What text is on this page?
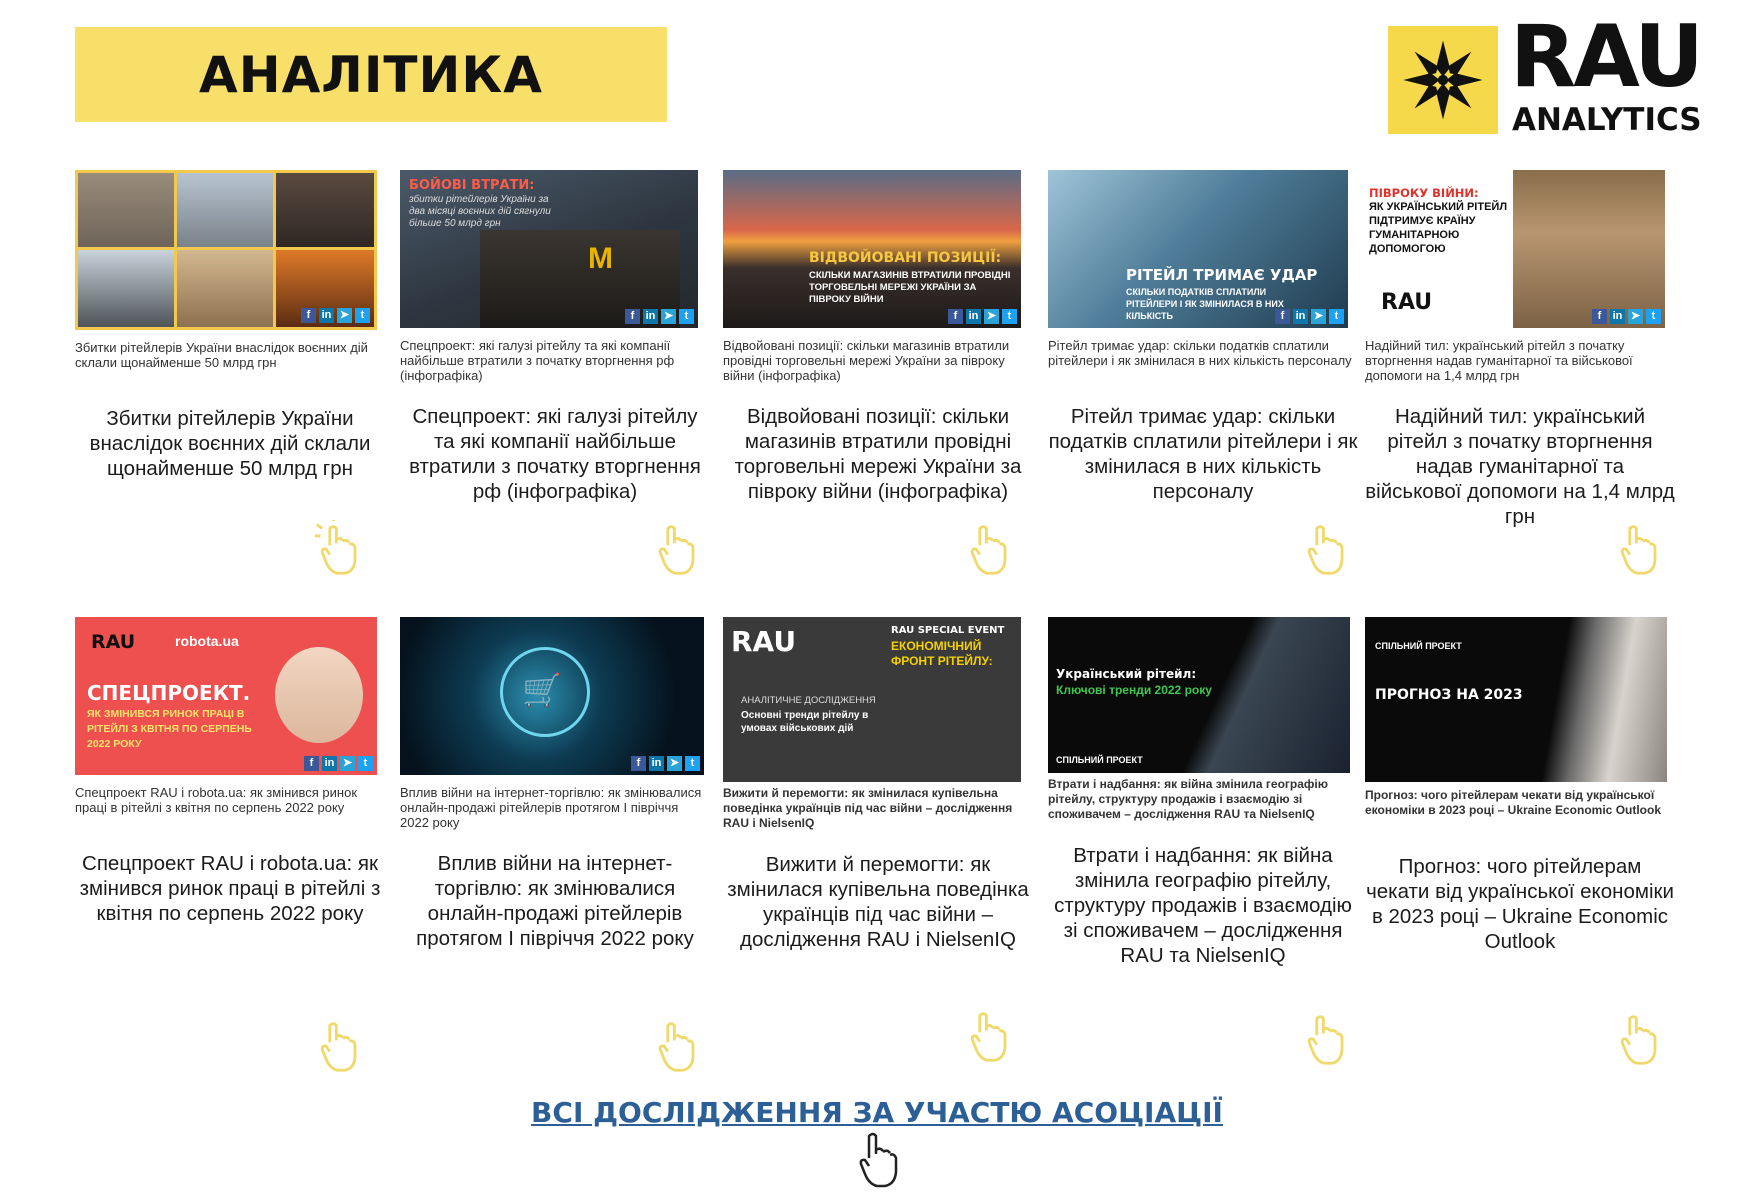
АНАЛІТИКА	RAU
ANALYTICS
f	in ➤	t
Збитки рітейлерів України внаслідок воєнних дій склали щонайменше 50 млрд грн
Збитки рітейлерів України внаслідок воєнних дій склали щонайменше 50 млрд грн
M
БОЙОВІ ВТРАТИ:
збитки рітейлерів України за два місяці воєнних дій сягнули більше 50 млрд грн
f	in ➤	t
Спецпроект: які галузі рітейлу та які компанії найбільше втратили з початку вторгнення рф (інфографіка)
Спецпроект: які галузі рітейлу та які компанії найбільше втратили з початку вторгнення рф (інфографіка)
ВІДВОЙОВАНІ ПОЗИЦІЇ:
СКІЛЬКИ МАГАЗИНІВ ВТРАТИЛИ ПРОВІДНІ ТОРГОВЕЛЬНІ МЕРЕЖІ УКРАЇНИ ЗА ПІВРОКУ ВІЙНИ
f	in ➤	t
Відвойовані позиції: скільки магазинів втратили провідні торговельні мережі України за півроку війни (інфографіка)
Відвойовані позиції: скільки магазинів втратили провідні торговельні мережі України за півроку війни (інфографіка)
РІТЕЙЛ ТРИМАЄ УДАР
СКІЛЬКИ ПОДАТКІВ СПЛАТИЛИ РІТЕЙЛЕРИ І ЯК ЗМІНИЛАСЯ В НИХ КІЛЬКІСТЬ	f	in ➤	t
Рітейл тримає удар: скільки податків сплатили рітейлери і як змінилася в них кількість персоналу
Рітейл тримає удар: скільки податків сплатили рітейлери і як змінилася в них кількість персоналу
ПІВРОКУ ВІЙНИ:
ЯК УКРАЇНСЬКИЙ РІТЕЙЛ ПІДТРИМУЄ КРАЇНУ ГУМАНІТАРНОЮ ДОПОМОГОЮ
RAU
f	in ➤	t
Надійний тил: український рітейл з початку вторгнення надав гуманітарної та військової допомоги на 1,4 млрд грн
Надійний тил: український рітейл з початку вторгнення надав гуманітарної та військової допомоги на 1,4 млрд грн
RAU	robota.ua
СПЕЦПРОЕКТ.
ЯК ЗМІНИВСЯ РИНОК ПРАЦІ В РІТЕЙЛІ З КВІТНЯ ПО СЕРПЕНЬ 2022 РОКУ
f	in ➤	t
Спецпроект RAU і robota.ua: як змінився ринок праці в рітейлі з квітня по серпень 2022 року
Спецпроект RAU і robota.ua: як змінився ринок праці в рітейлі з квітня по серпень 2022 року
🛒
f	in ➤	t
Вплив війни на інтернет-торгівлю: як змінювалися онлайн-продажі рітейлерів протягом І півріччя 2022 року
Вплив війни на інтернет-торгівлю: як змінювалися онлайн-продажі рітейлерів протягом І півріччя 2022 року
RAU	RAU SPECIAL EVENT
ЕКОНОМІЧНИЙ ФРОНТ РІТЕЙЛУ:
АНАЛІТИЧНЕ ДОСЛІДЖЕННЯ
Основні тренди рітейлу в умовах військових дій
Вижити й перемогти: як змінилася купівельна поведінка українців під час війни – дослідження RAU і NielsenIQ
Вижити й перемогти: як змінилася купівельна поведінка українців під час війни – дослідження RAU і NielsenIQ
Український рітейл:
Ключові тренди 2022 року
СПІЛЬНИЙ ПРОЕКТ
Втрати і надбання: як війна змінила географію рітейлу, структуру продажів і взаємодію зі споживачем – дослідження RAU та NielsenIQ
Втрати і надбання: як війна змінила географію рітейлу, структуру продажів і взаємодію зі споживачем – дослідження RAU та NielsenIQ
СПІЛЬНИЙ ПРОЕКТ
ПРОГНОЗ НА 2023
Прогноз: чого рітейлерам чекати від української економіки в 2023 році – Ukraine Economic Outlook
Прогноз: чого рітейлерам чекати від української економіки в 2023 році – Ukraine Economic Outlook
ВСІ ДОСЛІДЖЕННЯ ЗА УЧАСТЮ АСОЦІАЦІЇ
